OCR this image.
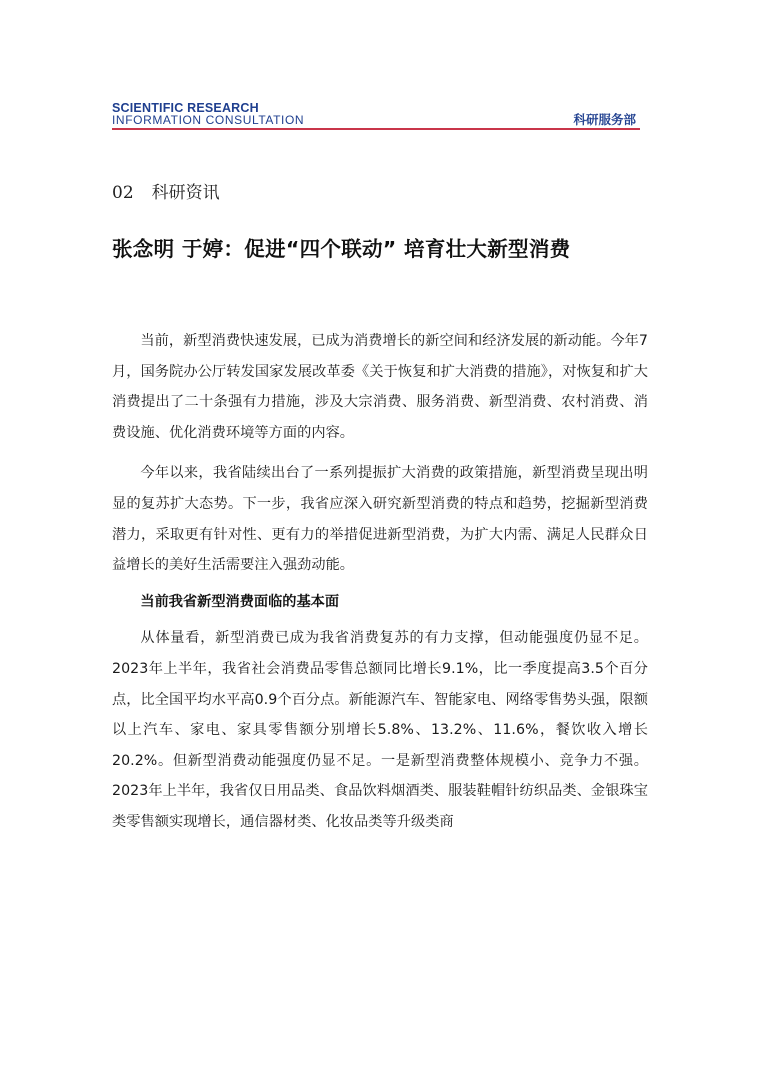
SCIENTIFIC RESEARCH
INFORMATION CONSULTATION	科研服务部
02 科研资讯
张念明 于婷：促进“四个联动” 培育壮大新型消费

当前，新型消费快速发展，已成为消费增长的新空间和经济发展的新动能。今年7月，国务院办公厅转发国家发展改革委《关于恢复和扩大消费的措施》，对恢复和扩大消费提出了二十条强有力措施，涉及大宗消费、服务消费、新型消费、农村消费、消费设施、优化消费环境等方面的内容。

今年以来，我省陆续出台了一系列提振扩大消费的政策措施，新型消费呈现出明显的复苏扩大态势。下一步，我省应深入研究新型消费的特点和趋势，挖掘新型消费潜力，采取更有针对性、更有力的举措促进新型消费，为扩大内需、满足人民群众日益增长的美好生活需要注入强劲动能。

当前我省新型消费面临的基本面

从体量看，新型消费已成为我省消费复苏的有力支撑，但动能强度仍显不足。2023年上半年，我省社会消费品零售总额同比增长9.1%，比一季度提高3.5个百分点，比全国平均水平高0.9个百分点。新能源汽车、智能家电、网络零售势头强，限额以上汽车、家电、家具零售额分别增长5.8%、13.2%、11.6%，餐饮收入增长20.2%。但新型消费动能强度仍显不足。一是新型消费整体规模小、竞争力不强。2023年上半年，我省仅日用品类、食品饮料烟酒类、服装鞋帽针纺织品类、金银珠宝类零售额实现增长，通信器材类、化妆品类等升级类商
